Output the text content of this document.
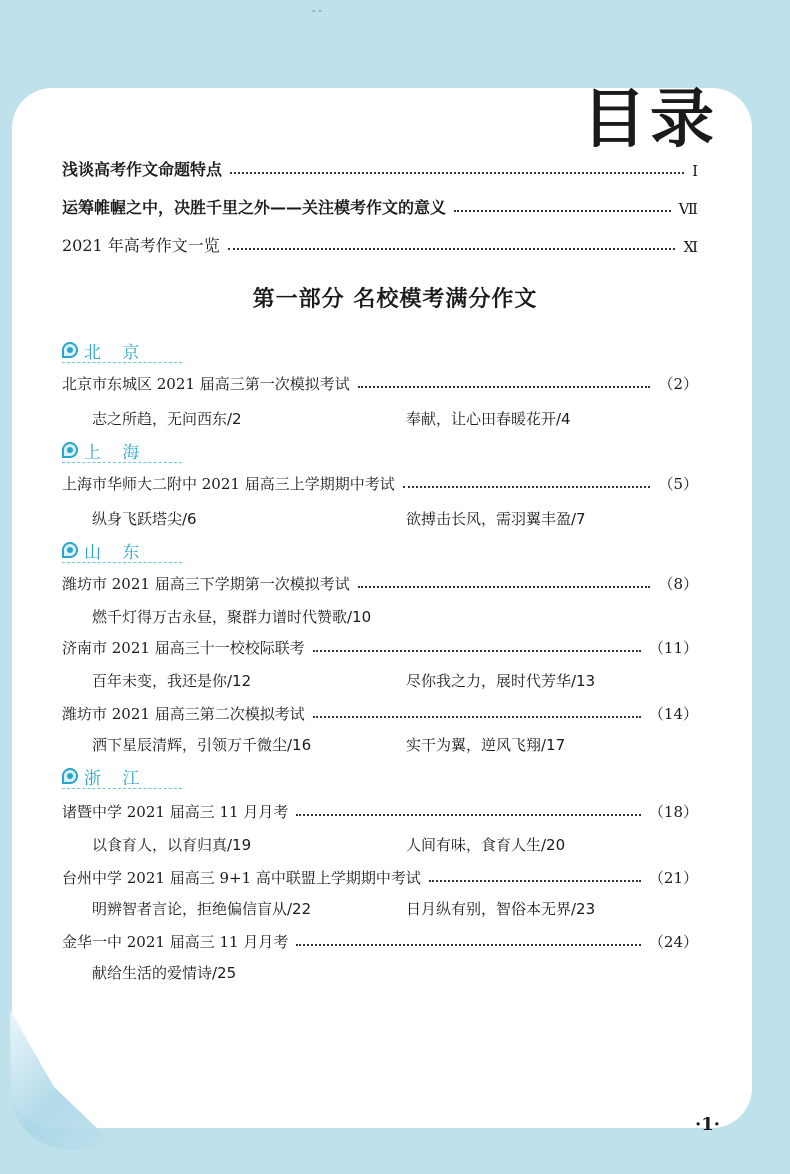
- -
目录
浅谈高考作文命题特点	Ⅰ
运筹帷幄之中，决胜千里之外——关注模考作文的意义	Ⅶ
2021 年高考作文一览	Ⅺ
第一部分 名校模考满分作文
北 京
北京市东城区 2021 届高三第一次模拟考试	（2）
志之所趋，无问西东/2	奉献，让心田春暖花开/4
上 海
上海市华师大二附中 2021 届高三上学期期中考试	（5）
纵身飞跃塔尖/6	欲搏击长风，需羽翼丰盈/7
山 东
潍坊市 2021 届高三下学期第一次模拟考试	（8）
燃千灯得万古永昼，聚群力谱时代赞歌/10
济南市 2021 届高三十一校校际联考	（11）
百年未变，我还是你/12	尽你我之力，展时代芳华/13
潍坊市 2021 届高三第二次模拟考试	（14）
洒下星辰清辉，引领万千微尘/16	实干为翼，逆风飞翔/17
浙 江
诸暨中学 2021 届高三 11 月月考	（18）
以食育人，以育归真/19	人间有味，食育人生/20
台州中学 2021 届高三 9+1 高中联盟上学期期中考试	（21）
明辨智者言论，拒绝偏信盲从/22	日月纵有别，智俗本无界/23
金华一中 2021 届高三 11 月月考	（24）
献给生活的爱情诗/25
·1·
